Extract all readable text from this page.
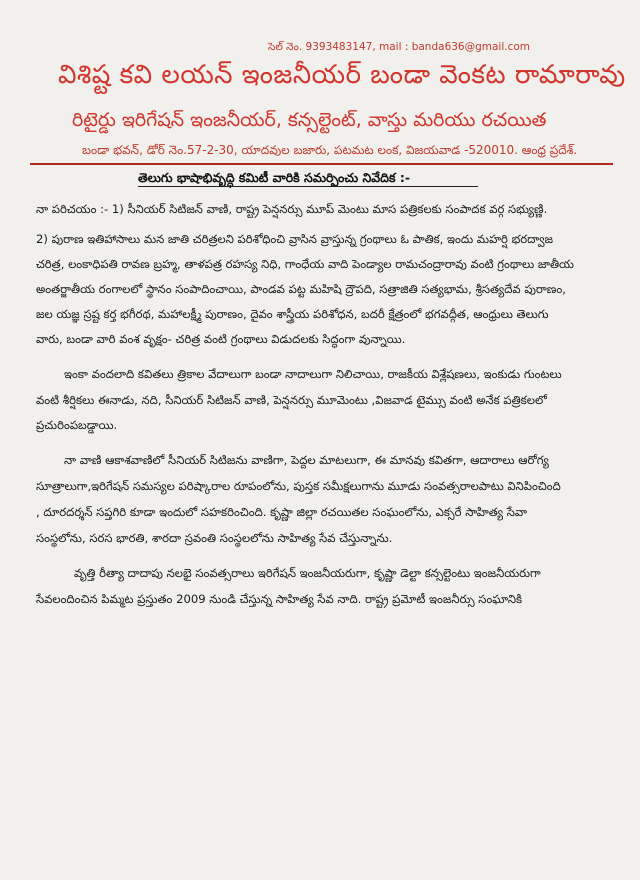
సెల్ నెం. 9393483147, mail : banda636@gmail.com
విశిష్ట కవి లయన్ ఇంజనీయర్ బండా వెంకట రామారావు
రిటైర్డు ఇరిగేషన్ ఇంజనీయర్, కన్సల్టెంట్, వాస్తు మరియు రచయిత
బండా భవన్, డోర్ నెం.57-2-30, యాదవుల బజారు, పటమట లంక, విజయవాడ -520010. ఆంధ్ర ప్రదేశ్.
తెలుగు భాషాభివృద్ధి కమిటీ వారికి సమర్పించు నివేదిక :-
నా పరిచయం :- 1) సీనియర్ సిటిజన్ వాణి, రాష్ట్ర పెన్షనర్సు మూప్ మెంటు మాస పత్రికలకు సంపాదక వర్గ సభ్యుణ్ణి.
2) పురాణ ఇతిహాసాలు మన జాతి చరిత్రలని పరిశోధించి వ్రాసిన వ్రాస్తున్న గ్రంథాలు ఓ పాతిక, ఇందు మహర్షి భరద్వాజ
చరిత్ర, లంకాధిపతి రావణ బ్రహ్మ, తాళపత్ర రహస్య నిధి, గాంధేయ వాది పెండ్యాల రామచంద్రారావు వంటి గ్రంథాలు జాతీయ
అంతర్జాతీయ రంగాలలో స్థానం సంపాదించాయి, పాండవ పట్ట మహిషి ద్రౌపది, సత్రాజితి సత్యభామ, శ్రీసత్యదేవ పురాణం,
జల యజ్ఞ స్రష్ట కర్త భగీరథ, మహాలక్ష్మీ పురాణం, దైవం శాస్త్రీయ పరిశోధన, బదరీ క్షేత్రంలో భగవద్గీత, ఆంధ్రులు తెలుగు
వారు, బండా వారి వంశ వృక్షం- చరిత్ర వంటి గ్రంథాలు విడుదలకు సిద్ధంగా వున్నాయి.
ఇంకా వందలాది కవితలు త్రికాల వేదాలుగా బండా నాదాలుగా నిలిచాయి, రాజకీయ విశ్లేషణలు, ఇంకుడు గుంటలు
వంటి శీర్షికలు ఈనాడు, నది, సీనియర్ సిటిజన్ వాణి, పెన్షనర్సు మూమెంటు ,విజవాడ టైమ్సు వంటి అనేక పత్రికలలో
ప్రచురింపబడ్డాయి.
నా వాణి ఆకాశవాణిలో సీనియర్ సిటిజను వాణిగా, పెద్దల మాటలుగా, ఈ మానవు కవితగా, ఆదారాలు ఆరోగ్య
సూత్రాలుగా,ఇరిగేషన్ సమస్యల పరిష్కారాల రూపంలోను, పుస్తక సమీక్షలుగాను మూడు సంవత్సరాలపాటు వినిపించింది
, దూరదర్శన్ సప్తగిరి కూడా ఇందులో సహకరించింది. కృష్ణా జిల్లా రచయితల సంఘంలోను, ఎక్సరే సాహిత్య సేవా
సంస్థలోను, సరస భారతి, శారదా స్రవంతి సంస్థలలోను సాహిత్య సేవ చేస్తున్నాను.
వృత్తి రీత్యా దాదాపు నలభై సంవత్సరాలు ఇరిగేషన్ ఇంజనీయరుగా, కృష్ణా డెల్టా కన్సల్టెంటు ఇంజనీయరుగా
సేవలందించిన పిమ్మట ప్రస్తుతం 2009 నుండి చేస్తున్న సాహిత్య సేవ నాది. రాష్ట్ర ప్రమోటీ ఇంజనీర్సు సంఘానికి
